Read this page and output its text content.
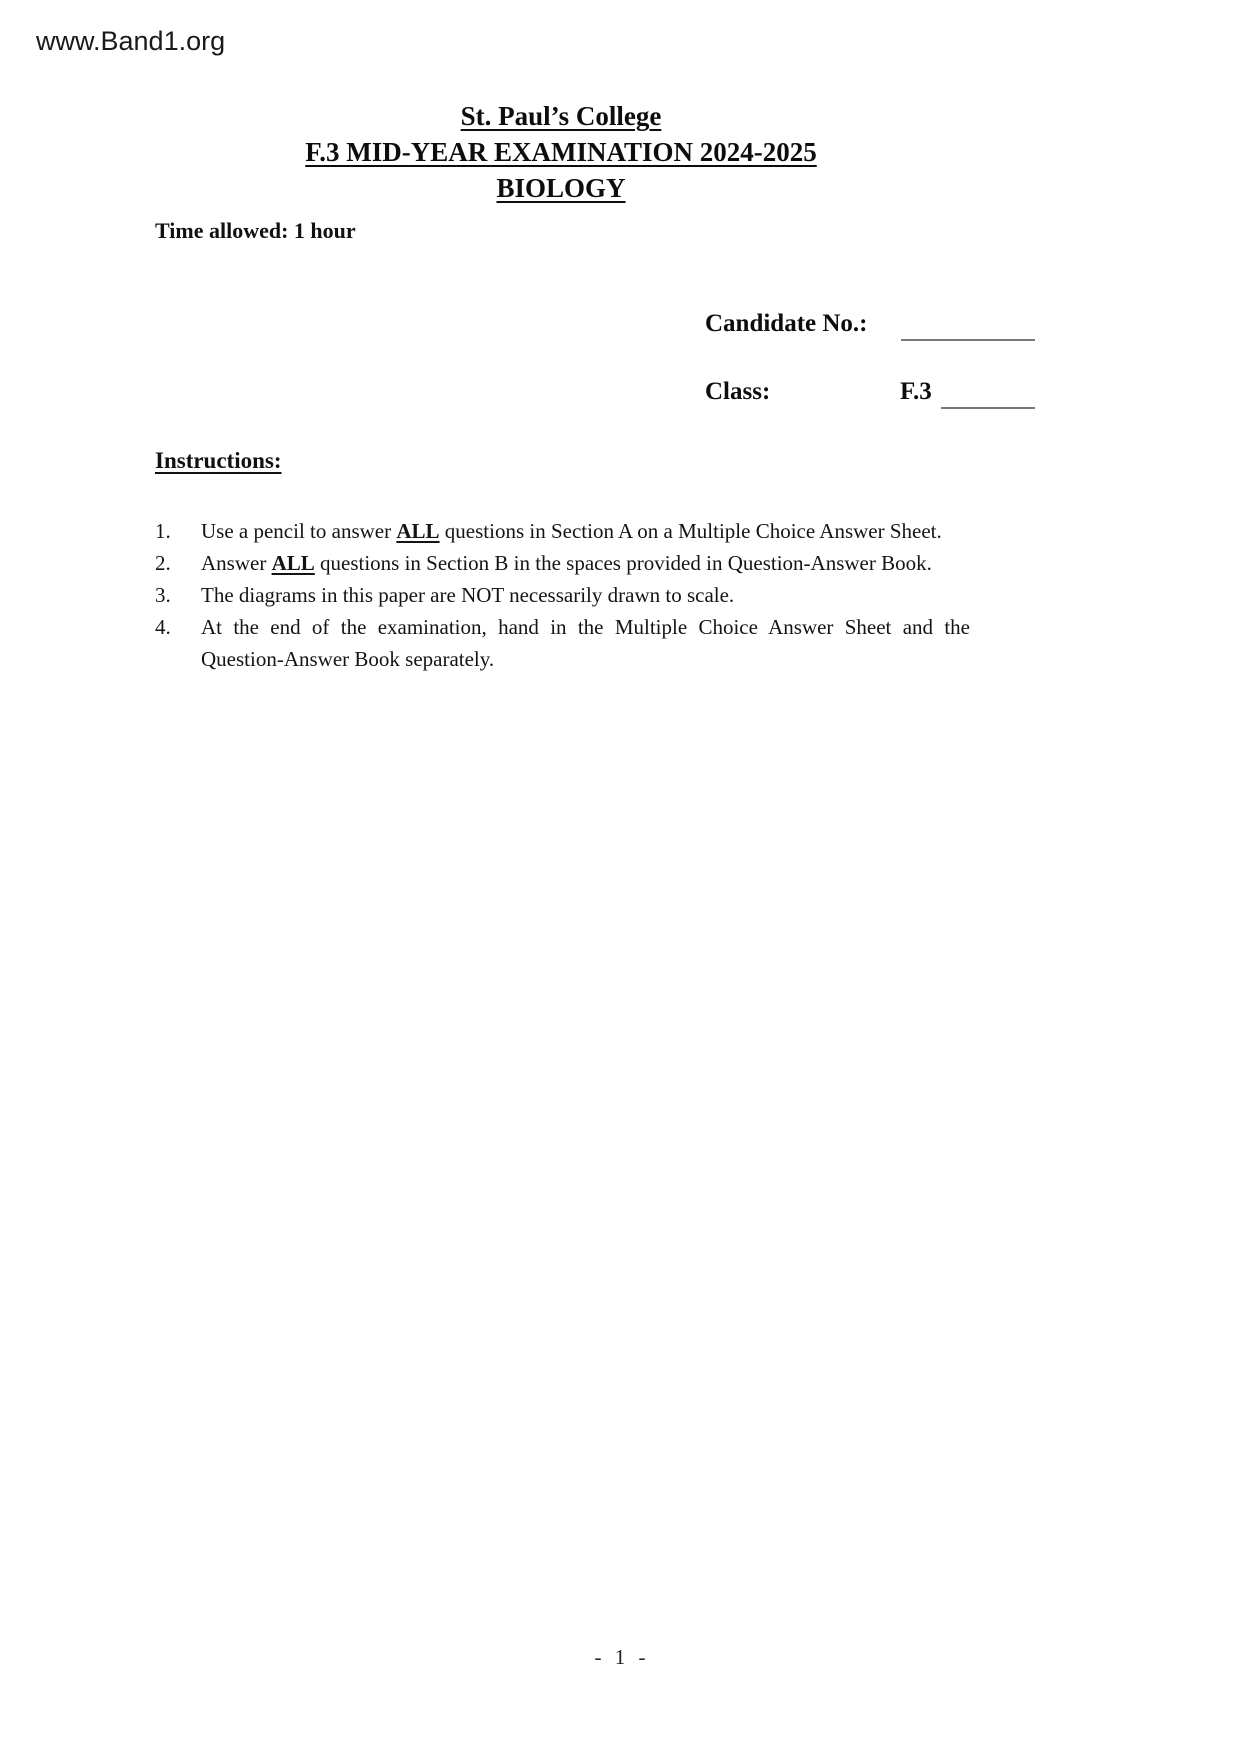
www.Band1.org
St. Paul’s College
F.3 MID-YEAR EXAMINATION 2024-2025
BIOLOGY
Time allowed: 1 hour
Candidate No.:
Class:	F.3
Instructions:
1.	Use a pencil to answer ALL questions in Section A on a Multiple Choice Answer Sheet.
2.	Answer ALL questions in Section B in the spaces provided in Question-Answer Book.
3.	The diagrams in this paper are NOT necessarily drawn to scale.
4.	At the end of the examination, hand in the Multiple Choice Answer Sheet and the Question-Answer Book separately.
- 1 -
